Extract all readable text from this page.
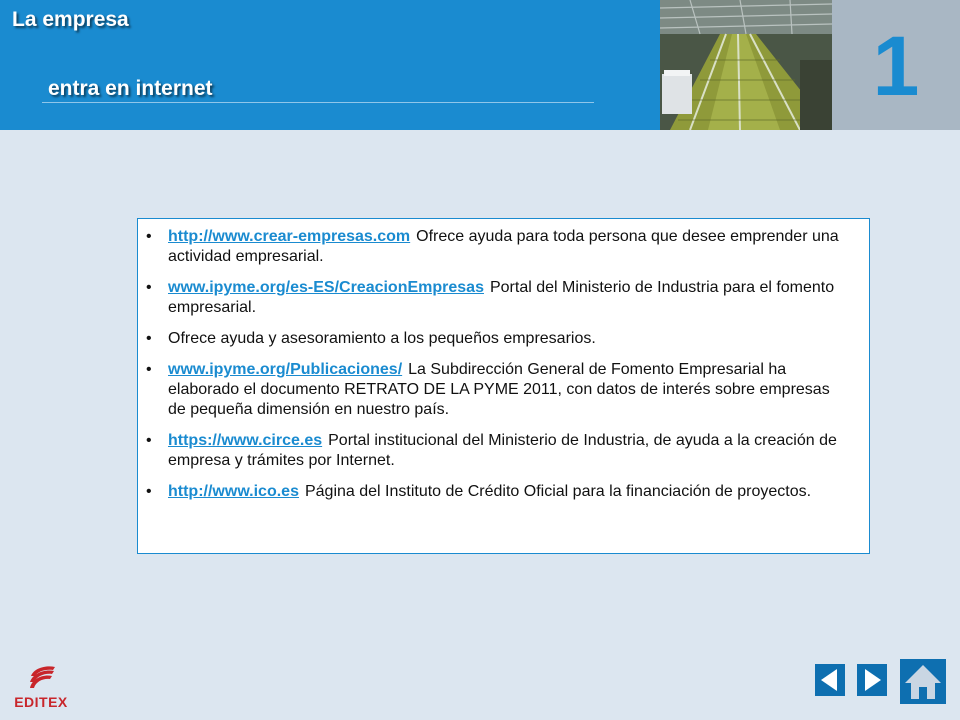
La empresa
entra en internet	1
• http://www.crear-empresas.com Ofrece ayuda para toda persona que desee emprender una actividad empresarial.
• www.ipyme.org/es-ES/CreacionEmpresas Portal del Ministerio de Industria para el fomento empresarial.
• Ofrece ayuda y asesoramiento a los pequeños empresarios.
• www.ipyme.org/Publicaciones/ La Subdirección General de Fomento Empresarial ha elaborado el documento RETRATO DE LA PYME 2011, con datos de interés sobre empresas de pequeña dimensión en nuestro país.
• https://www.circe.es Portal institucional del Ministerio de Industria, de ayuda a la creación de empresa y trámites por Internet.
• http://www.ico.es Página del Instituto de Crédito Oficial para la financiación de proyectos.
EDITEX
